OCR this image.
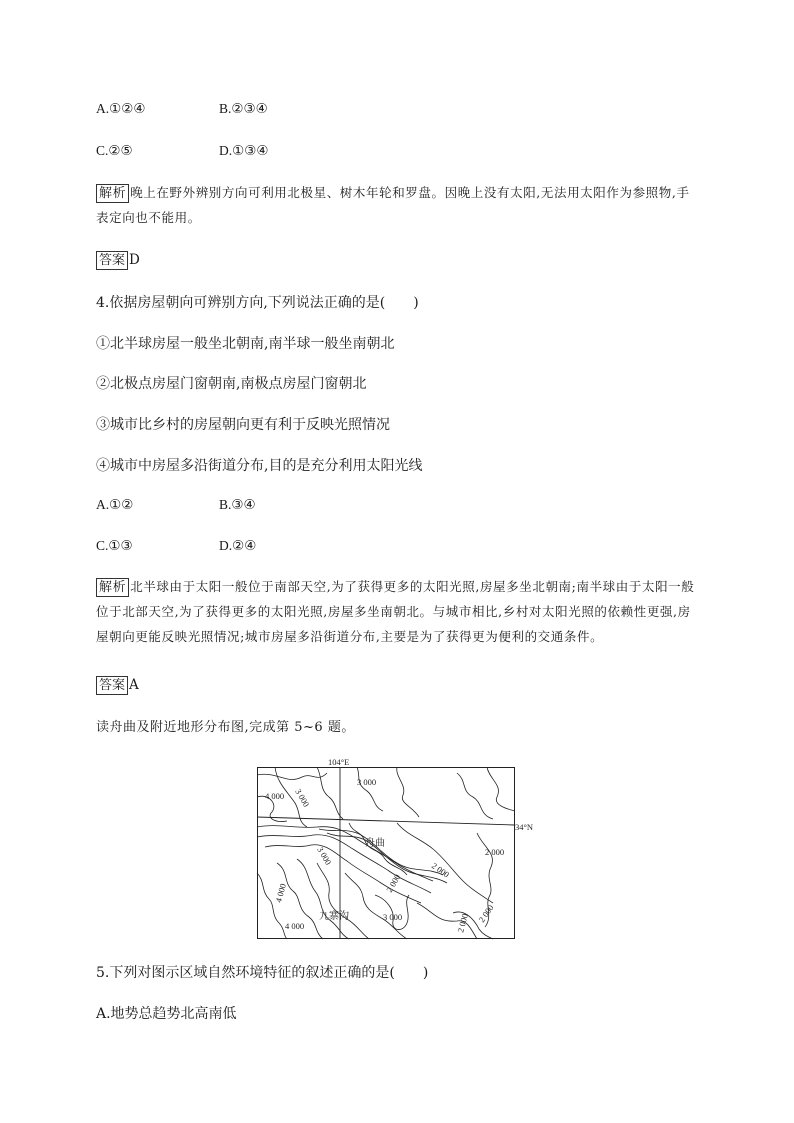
A.①②④	B.②③④
C.②⑤	D.①③④
解析 晚上在野外辨别方向可利用北极星、树木年轮和罗盘。因晚上没有太阳,无法用太阳作为参照物,手表定向也不能用。
答案 D
4.依据房屋朝向可辨别方向,下列说法正确的是(　　)
①北半球房屋一般坐北朝南,南半球一般坐南朝北
②北极点房屋门窗朝南,南极点房屋门窗朝北
③城市比乡村的房屋朝向更有利于反映光照情况
④城市中房屋多沿街道分布,目的是充分利用太阳光线
A.①②	B.③④
C.①③	D.②④
解析 北半球由于太阳一般位于南部天空,为了获得更多的太阳光照,房屋多坐北朝南;南半球由于太阳一般位于北部天空,为了获得更多的太阳光照,房屋多坐南朝北。与城市相比,乡村对太阳光照的依赖性更强,房屋朝向更能反映光照情况;城市房屋多沿街道分布,主要是为了获得更为便利的交通条件。
答案 A
读舟曲及附近地形分布图,完成第 5~6 题。
104°E
34°N
3 000
3 000
4 000
3 000
2 000
2 000
2 000
4 000
3 000	2 000
2 000
4 000
舟曲
九寨沟
5.下列对图示区域自然环境特征的叙述正确的是(　　)
A.地势总趋势北高南低
